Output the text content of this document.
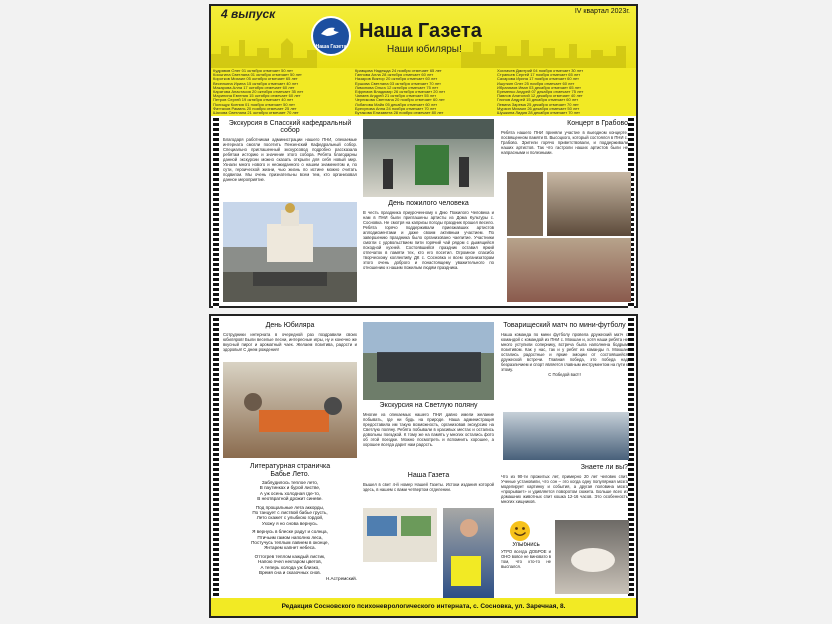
4 выпуск	IV квартал 2023г.
Наша Газета
Наша Газета
Наши юбиляры!
Кудрявов Олег 01 октября отмечает 50 лет
Косыгина Светлана 01 октября отмечает 50 лет
Коротков Михаил 05 октября отмечает 65 лет
Веселкина Ирина 15 октября отмечает 40 лет
Макарова Алла 17 октября отмечает 60 лет
Каратова Анастасия 20 октября отмечает 35 лет
Маринина Евгения 15 октября отмечает 60 лет
Петров Сергей 19 октября отмечает 40 лет
Полищук Ксения 01 ноября отмечает 50 лет
Фаттахов Рамиль 20 ноября отмечает 25 лет
Шахова Светлана 21 октября отмечает 70 лет
Кравцова Надежда 24 ноября отмечает 65 лет
Ганнова Алла 28 октября отмечает 60 лет
Назаров Виктор 20 октября отмечает 60 лет
Ершова Светлана 03 октября отмечает 70 лет
Лимонова Ольга 12 октября отмечает 75 лет
Ефремов Владимир 26 октября отмечает 20 лет
Чапаев Андрей 21 октября отмечает 55 лет
Черникова Светлана 20 ноября отмечает 60 лет
Лобанова Майя 05 декабря отмечает 60 лет
Брехунова Анна 24 ноября отмечает 70 лет
Бутакова Елизавета 28 ноября отмечает 80 лет
Хохлачев Дмитрий 04 ноября отмечает 30 лет
Страньев Сергей 17 ноября отмечает 65 лет
Сахарова Ирина 17 ноября отмечает 60 лет
Ишуткин Олег 25 ноября отмечает 60 лет
Ибрагимов Иван 03 декабря отмечает 65 лет
Еременко Андрей 07 декабря отмечает 75 лет
Павлов Анатолий 12 декабря отмечает 40 лет
Глинов Андрей 15 декабря отмечает 60 лет
Левина Зарема 25 декабря отмечает 70 лет
Мурзин Михаил 26 декабря отмечает 50 лет
Шушкина Лидия 28 декабря отмечает 70 лет
Экскурсия в Спасский кафедральный собор
Благодаря работникам администрации нашего ПНИ, опекаемые интерната смогли посетить Пензенский Кафедральный собор. Специально приглашенный экскурсовод подробно рассказала ребятам историю и значение этого собора. Ребята благодарны данной экскурсии можно сказать открыли для себя новый мир. Узнали много нового и неожиданного о нашем знаменитом и, по сути, героической жизни, чью жизнь по истине можно считать подвигом. Мы очень признательны всем тем, кто организовал данное мероприятие.
День пожилого человека
В честь праздника приуроченному к Дню Пожилого Человека и нам в ПНИ были приглашены артисты из Дома Культуры с. Сосновка. Не смотря на капризы погоды праздник прошел весело. Ребята горячо поддерживали приезжавших артистов аплодисментами и даже своим активным участием. По завершению праздника было организовано чаепитие. Участники смогли с удовольствием пити горячий чай рядом с дымящейся походной кухней. Состоявшийся праздник оставил яркий отпечаток в памяти тех, кто его посетил. Огромное спасибо творческому коллективу ДК с. Сосновка и всем организаторам этого очень доброго и понастоящему уважительного по отношению к нашим пожилым людям праздника.
Концерт в Грабово
Ребята нашего ПНИ приняли участие в выездном концерте, посвященном памяти В. Высоцкого, который состоялся в ПНИ с. Грабово. Зрители горячо приветствовали, и поддерживали наших артистов. Так что гастроли наших артистов были не напрасными и полезными.
День Юбиляра
Сотрудники интерната в очередной раз поздравили своих юбиляров! Были веселые песни, интересные игры, ну и конечно же вкусный пирог и ароматный чаек. Желаем позитива, радости и здоровья! С днем рождения!
Литературная страничка
Бабье Лето.
Заблудилось теплое лето,
В паутинках и бурой листве,
А уж осень холодная где-то,
В неотвратной дрожит синеве.
Под прощальные лета аккорды,
По танцует с листвой бабье грусть,
Лето скажет с улыбкою гордой,
Ухожу я но снова вернусь.
Я вернусь в блеске радуг и солнца,
Птичьим гамом наполню леса,
Постучусь теплым лавнем в оконце,
Янтарем капнет небеса.
Оттогрев теплом каждый листик,
Напою пчел нектаром цветов,
А теперь холода уж близко,
Время сна и сказочных снов.
Н.Астремский.
Экскурсия на Светлую поляну
Многие из опекаемых нашего ПНИ давно имели желание побывать, где ни будь на природе. Наша администрация предоставила им такую возможность, организовав экскурсию на Светлую поляну. Ребята побывали в красивых местах и остались довольны поездкой. К тому же на память у многих остались фото об этой поездке. Можно посмотреть и вспомнить хорошее, а хорошее всегда дарит нам радость.
Наша Газета
Вышел в свет 4-й номер Нашей Газеты. Истоки издания которой здесь, в нашем с вами четвертом отделении.
Товарищеский матч по мини-футболу
Наша команда по мини футболу провела дружеский матч с командой с командой из ПНИ с. Мокшан и, хотя наши ребята не много уступили сопернику, встреча была наполнена бодрым позитивом. Как у нас, так и у ребят из команды п. Мокшан остались радостные и яркие эмоции от состоявшейся дружеской встречи. Главная победа, это победа над безразличием и спорт является главным инструментом на пути к этому.
С Победой вас!!!
Знаете ли вы?
Что из 90-ти прожитых лет, примерно 20 лет человек спит. Ученые установили, что сон – это когда одну популярная мозга моделирует картинку и события, а другая половина мозга «прорывает» и удивляется поворотом сюжета. Больше всех из домашних животных спит кошка 12-16 часов. Это особенность многих хищников.
Улыбнись
УТРО всегда ДОБРОЕ и ОНО вовсе не виновато в том, что кто-то не выспался.
Редакция Сосновского психоневрологического интерната, с. Сосновка, ул. Заречная, 8.
